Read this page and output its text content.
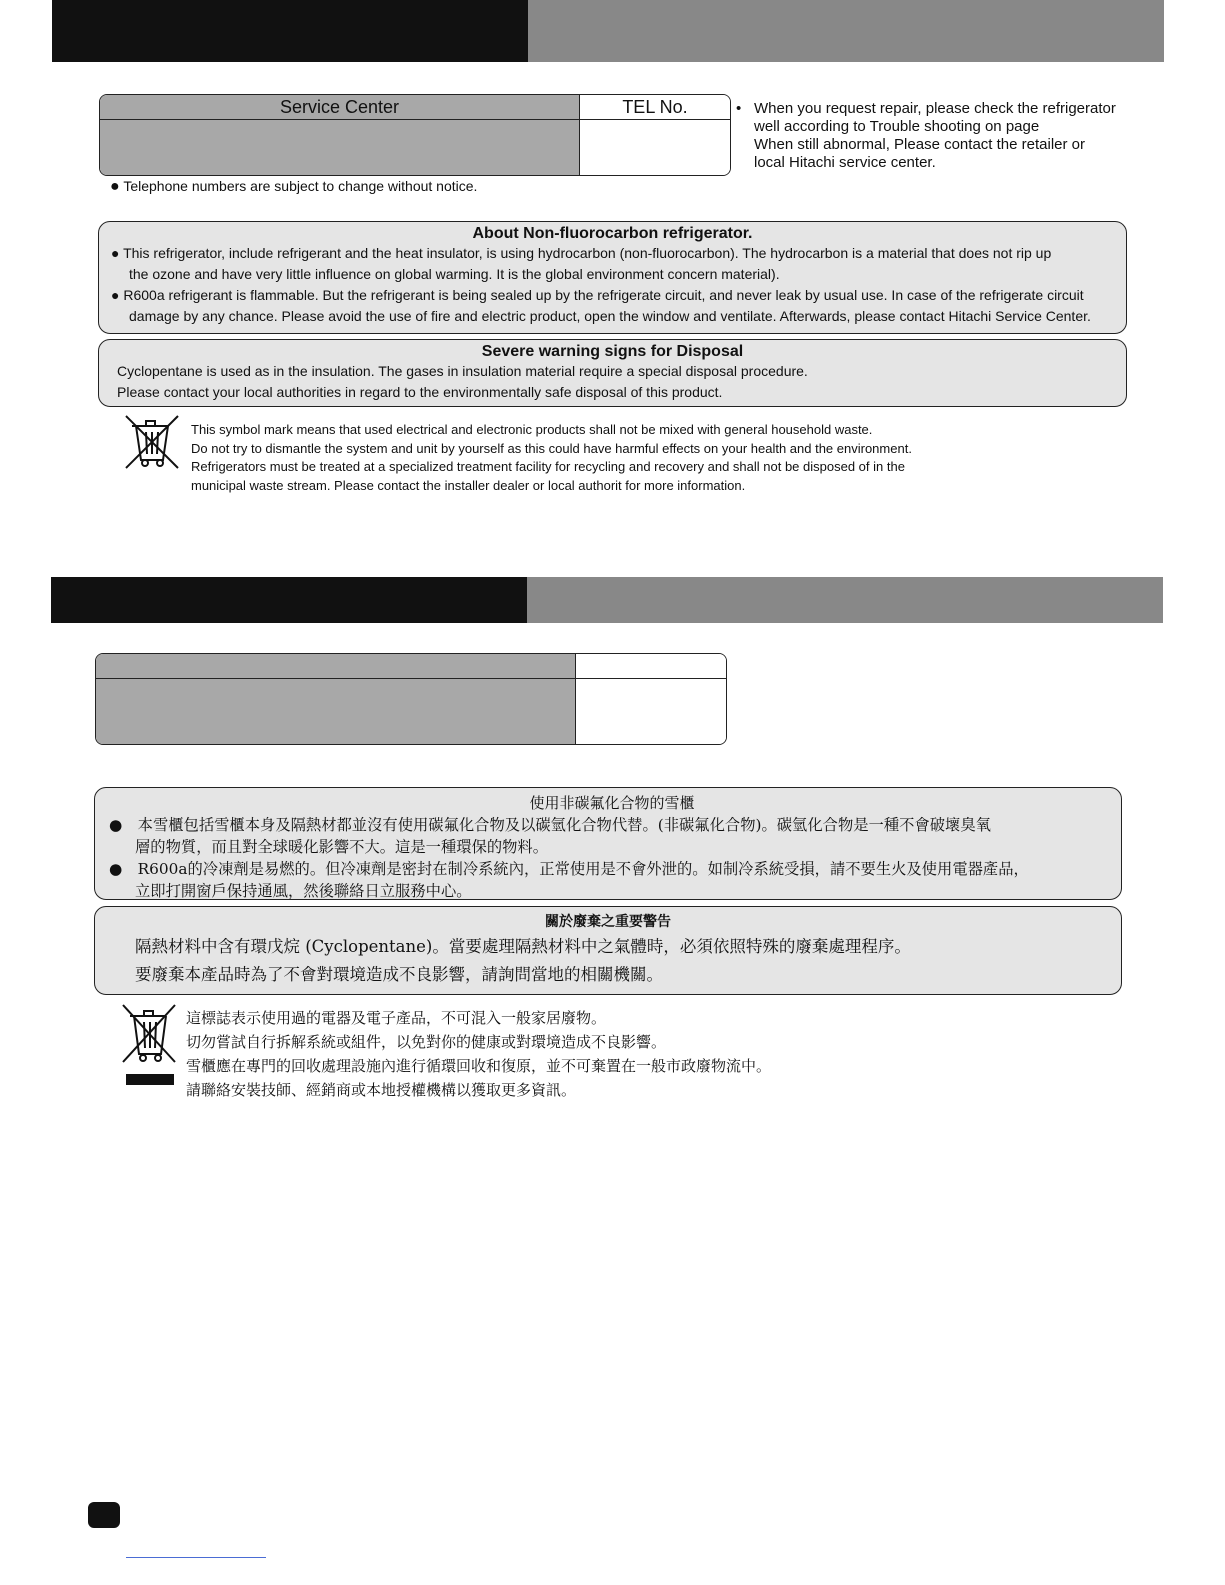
Service Center	TEL No.
● Telephone numbers are subject to change without notice.
• When you request repair, please check the refrigerator
well according to Trouble shooting on page
When still abnormal, Please contact the retailer or
local Hitachi service center.
About Non-fluorocarbon refrigerator.

● This refrigerator, include refrigerant and the heat insulator, is using hydrocarbon (non-fluorocarbon). The hydrocarbon is a material that does not rip up

the ozone and have very little influence on global warming. It is the global environment concern material).

● R600a refrigerant is flammable. But the refrigerant is being sealed up by the refrigerate circuit, and never leak by usual use. In case of the refrigerate circuit

damage by any chance. Please avoid the use of fire and electric product, open the window and ventilate. Afterwards, please contact Hitachi Service Center.

Severe warning signs for Disposal

Cyclopentane is used as in the insulation. The gases in insulation material require a special disposal procedure.

Please contact your local authorities in regard to the environmentally safe disposal of this product.

This symbol mark means that used electrical and electronic products shall not be mixed with general household waste.
Do not try to dismantle the system and unit by yourself as this could have harmful effects on your health and the environment.
Refrigerators must be treated at a specialized treatment facility for recycling and recovery and shall not be disposed of in the
municipal waste stream. Please contact the installer dealer or local authorit for more information.
使用非碳氟化合物的雪櫃

●　本雪櫃包括雪櫃本身及隔熱材都並沒有使用碳氟化合物及以碳氫化合物代替。(非碳氟化合物)。碳氫化合物是一種不會破壞臭氧

層的物質，而且對全球暖化影響不大。這是一種環保的物料。

●　R600a的冷凍劑是易燃的。但冷凍劑是密封在制冷系統內，正常使用是不會外泄的。如制冷系統受損，請不要生火及使用電器產品，

立即打開窗戶保持通風，然後聯絡日立服務中心。

關於廢棄之重要警告

隔熱材料中含有環戊烷 (Cyclopentane)。當要處理隔熱材料中之氣體時，必須依照特殊的廢棄處理程序。

要廢棄本產品時為了不會對環境造成不良影響，請詢問當地的相關機關。

這標誌表示使用過的電器及電子產品，不可混入一般家居廢物。
切勿嘗試自行拆解系統或組件，以免對你的健康或對環境造成不良影響。
雪櫃應在專門的回收處理設施內進行循環回收和復原，並不可棄置在一般市政廢物流中。
請聯絡安裝技師、經銷商或本地授權機構以獲取更多資訊。
